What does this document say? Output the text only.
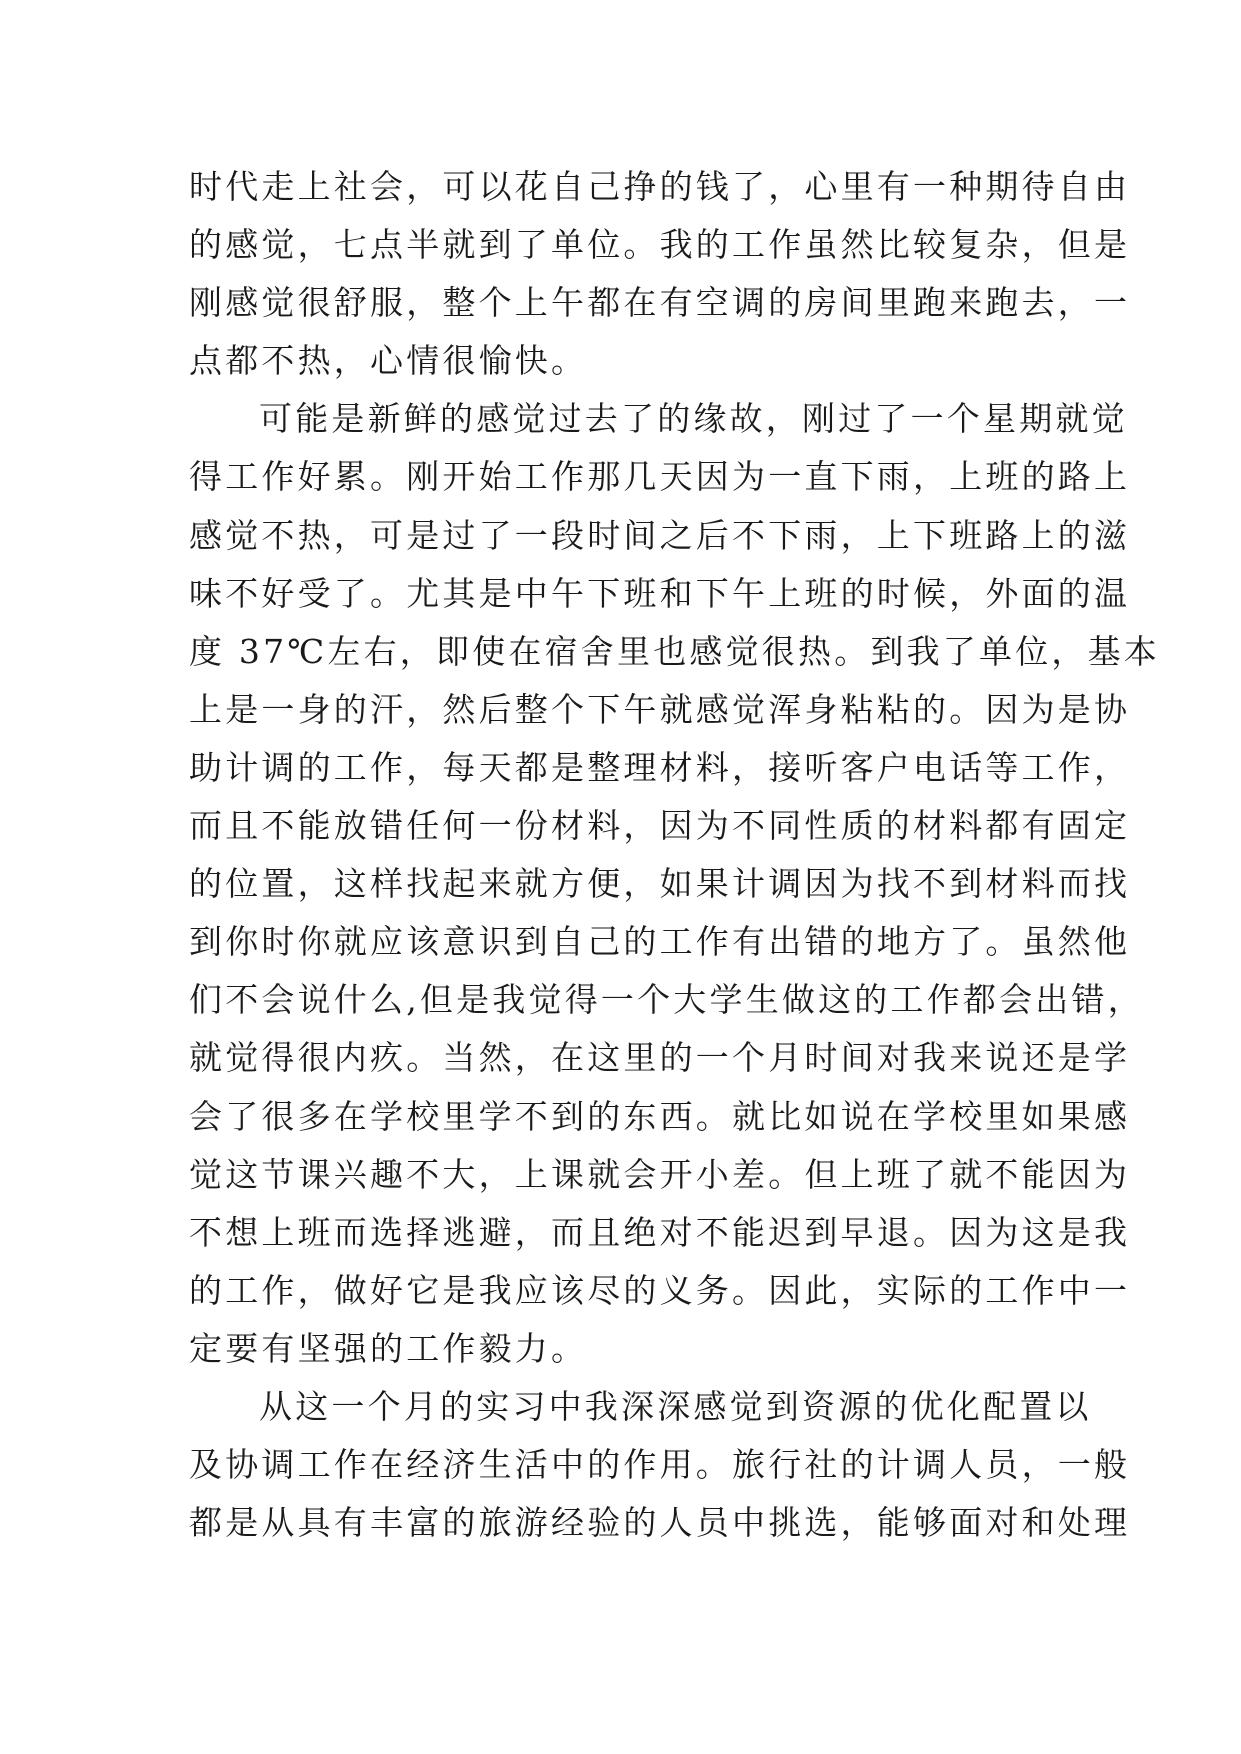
时代走上社会，可以花自己挣的钱了，心里有一种期待自由
的感觉，七点半就到了单位。我的工作虽然比较复杂，但是
刚感觉很舒服，整个上午都在有空调的房间里跑来跑去，一
点都不热，心情很愉快。
可能是新鲜的感觉过去了的缘故，刚过了一个星期就觉
得工作好累。刚开始工作那几天因为一直下雨，上班的路上
感觉不热，可是过了一段时间之后不下雨，上下班路上的滋
味不好受了。尤其是中午下班和下午上班的时候，外面的温
度 37℃左右，即使在宿舍里也感觉很热。到我了单位，基本
上是一身的汗，然后整个下午就感觉浑身粘粘的。因为是协
助计调的工作，每天都是整理材料，接听客户电话等工作，
而且不能放错任何一份材料，因为不同性质的材料都有固定
的位置，这样找起来就方便，如果计调因为找不到材料而找
到你时你就应该意识到自己的工作有出错的地方了。虽然他
们不会说什么,但是我觉得一个大学生做这的工作都会出错，
就觉得很内疚。当然，在这里的一个月时间对我来说还是学
会了很多在学校里学不到的东西。就比如说在学校里如果感
觉这节课兴趣不大，上课就会开小差。但上班了就不能因为
不想上班而选择逃避，而且绝对不能迟到早退。因为这是我
的工作，做好它是我应该尽的义务。因此，实际的工作中一
定要有坚强的工作毅力。
从这一个月的实习中我深深感觉到资源的优化配置以
及协调工作在经济生活中的作用。旅行社的计调人员，一般
都是从具有丰富的旅游经验的人员中挑选，能够面对和处理
